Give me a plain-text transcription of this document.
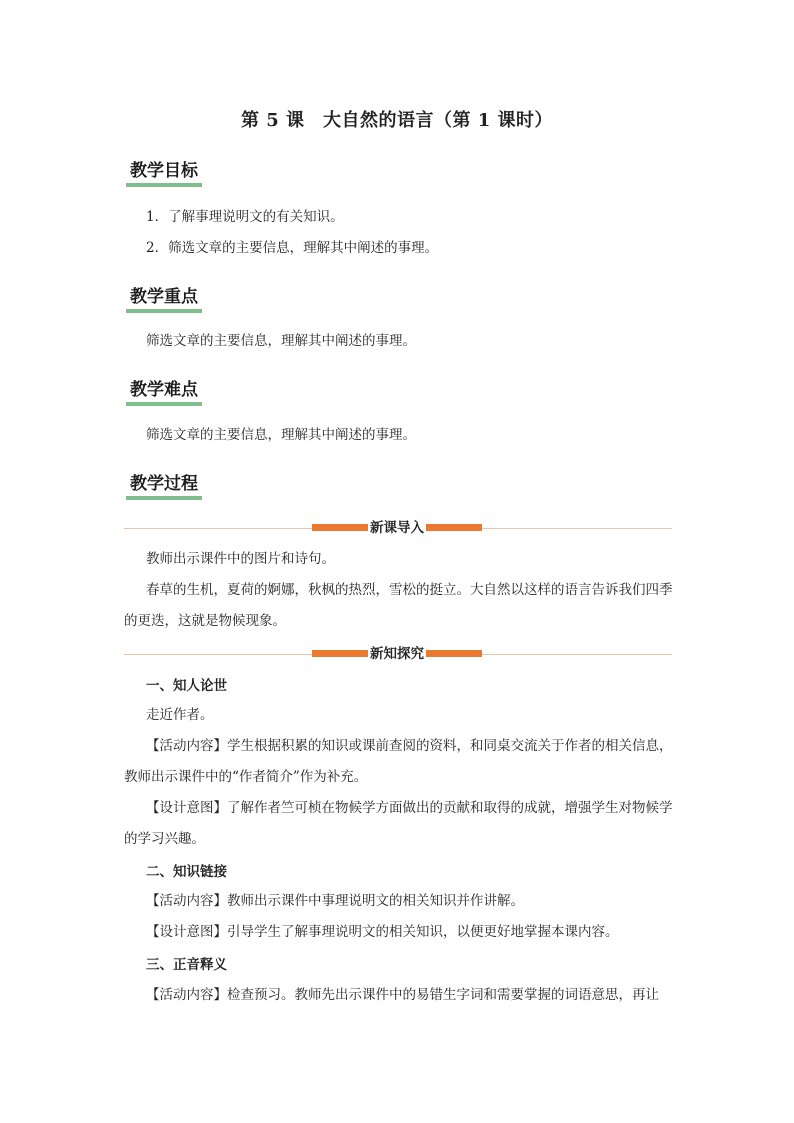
第 5 课　大自然的语言（第 1 课时）
教学目标

1．了解事理说明文的有关知识。

2．筛选文章的主要信息，理解其中阐述的事理。

教学重点

筛选文章的主要信息，理解其中阐述的事理。

教学难点

筛选文章的主要信息，理解其中阐述的事理。

教学过程
新课导入

教师出示课件中的图片和诗句。

春草的生机，夏荷的婀娜，秋枫的热烈，雪松的挺立。大自然以这样的语言告诉我们四季的更迭，这就是物候现象。

新知探究
一、知人论世

走近作者。

【活动内容】学生根据积累的知识或课前查阅的资料，和同桌交流关于作者的相关信息，教师出示课件中的“作者简介”作为补充。

【设计意图】了解作者竺可桢在物候学方面做出的贡献和取得的成就，增强学生对物候学的学习兴趣。

二、知识链接

【活动内容】教师出示课件中事理说明文的相关知识并作讲解。

【设计意图】引导学生了解事理说明文的相关知识，以便更好地掌握本课内容。

三、正音释义

【活动内容】检查预习。教师先出示课件中的易错生字词和需要掌握的词语意思，再让
